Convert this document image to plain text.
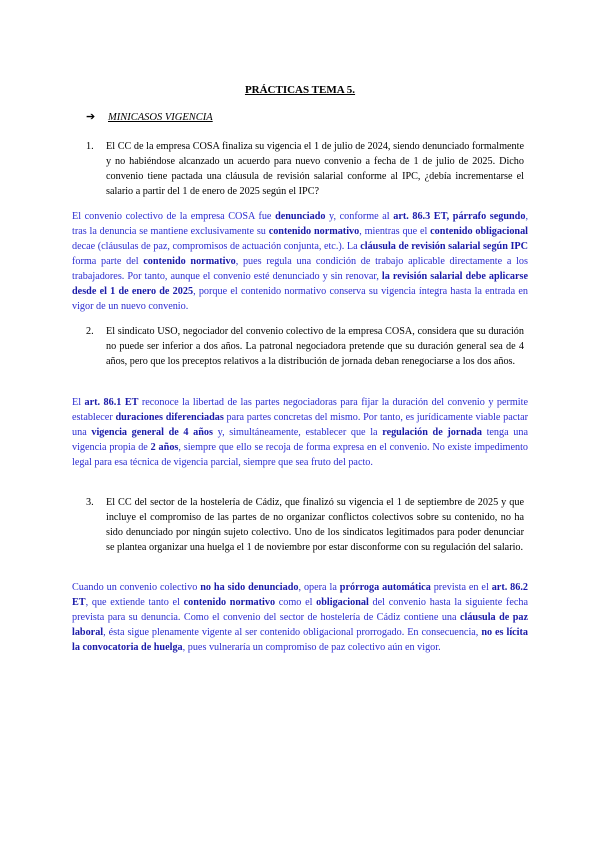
PRÁCTICAS TEMA 5.
➔ MINICASOS VIGENCIA
1. El CC de la empresa COSA finaliza su vigencia el 1 de julio de 2024, siendo denunciado formalmente y no habiéndose alcanzado un acuerdo para nuevo convenio a fecha de 1 de julio de 2025. Dicho convenio tiene pactada una cláusula de revisión salarial conforme al IPC, ¿debía incrementarse el salario a partir del 1 de enero de 2025 según el IPC?
El convenio colectivo de la empresa COSA fue denunciado y, conforme al art. 86.3 ET, párrafo segundo, tras la denuncia se mantiene exclusivamente su contenido normativo, mientras que el contenido obligacional decae (cláusulas de paz, compromisos de actuación conjunta, etc.). La cláusula de revisión salarial según IPC forma parte del contenido normativo, pues regula una condición de trabajo aplicable directamente a los trabajadores. Por tanto, aunque el convenio esté denunciado y sin renovar, la revisión salarial debe aplicarse desde el 1 de enero de 2025, porque el contenido normativo conserva su vigencia íntegra hasta la entrada en vigor de un nuevo convenio.
2. El sindicato USO, negociador del convenio colectivo de la empresa COSA, considera que su duración no puede ser inferior a dos años. La patronal negociadora pretende que su duración general sea de 4 años, pero que los preceptos relativos a la distribución de jornada deban renegociarse a los dos años.
El art. 86.1 ET reconoce la libertad de las partes negociadoras para fijar la duración del convenio y permite establecer duraciones diferenciadas para partes concretas del mismo. Por tanto, es jurídicamente viable pactar una vigencia general de 4 años y, simultáneamente, establecer que la regulación de jornada tenga una vigencia propia de 2 años, siempre que ello se recoja de forma expresa en el convenio. No existe impedimento legal para esa técnica de vigencia parcial, siempre que sea fruto del pacto.
3. El CC del sector de la hostelería de Cádiz, que finalizó su vigencia el 1 de septiembre de 2025 y que incluye el compromiso de las partes de no organizar conflictos colectivos sobre su contenido, no ha sido denunciado por ningún sujeto colectivo. Uno de los sindicatos legitimados para poder denunciar se plantea organizar una huelga el 1 de noviembre por estar disconforme con su regulación del salario.
Cuando un convenio colectivo no ha sido denunciado, opera la prórroga automática prevista en el art. 86.2 ET, que extiende tanto el contenido normativo como el obligacional del convenio hasta la siguiente fecha prevista para su denuncia. Como el convenio del sector de hostelería de Cádiz contiene una cláusula de paz laboral, ésta sigue plenamente vigente al ser contenido obligacional prorrogado. En consecuencia, no es lícita la convocatoria de huelga, pues vulneraría un compromiso de paz colectivo aún en vigor.
